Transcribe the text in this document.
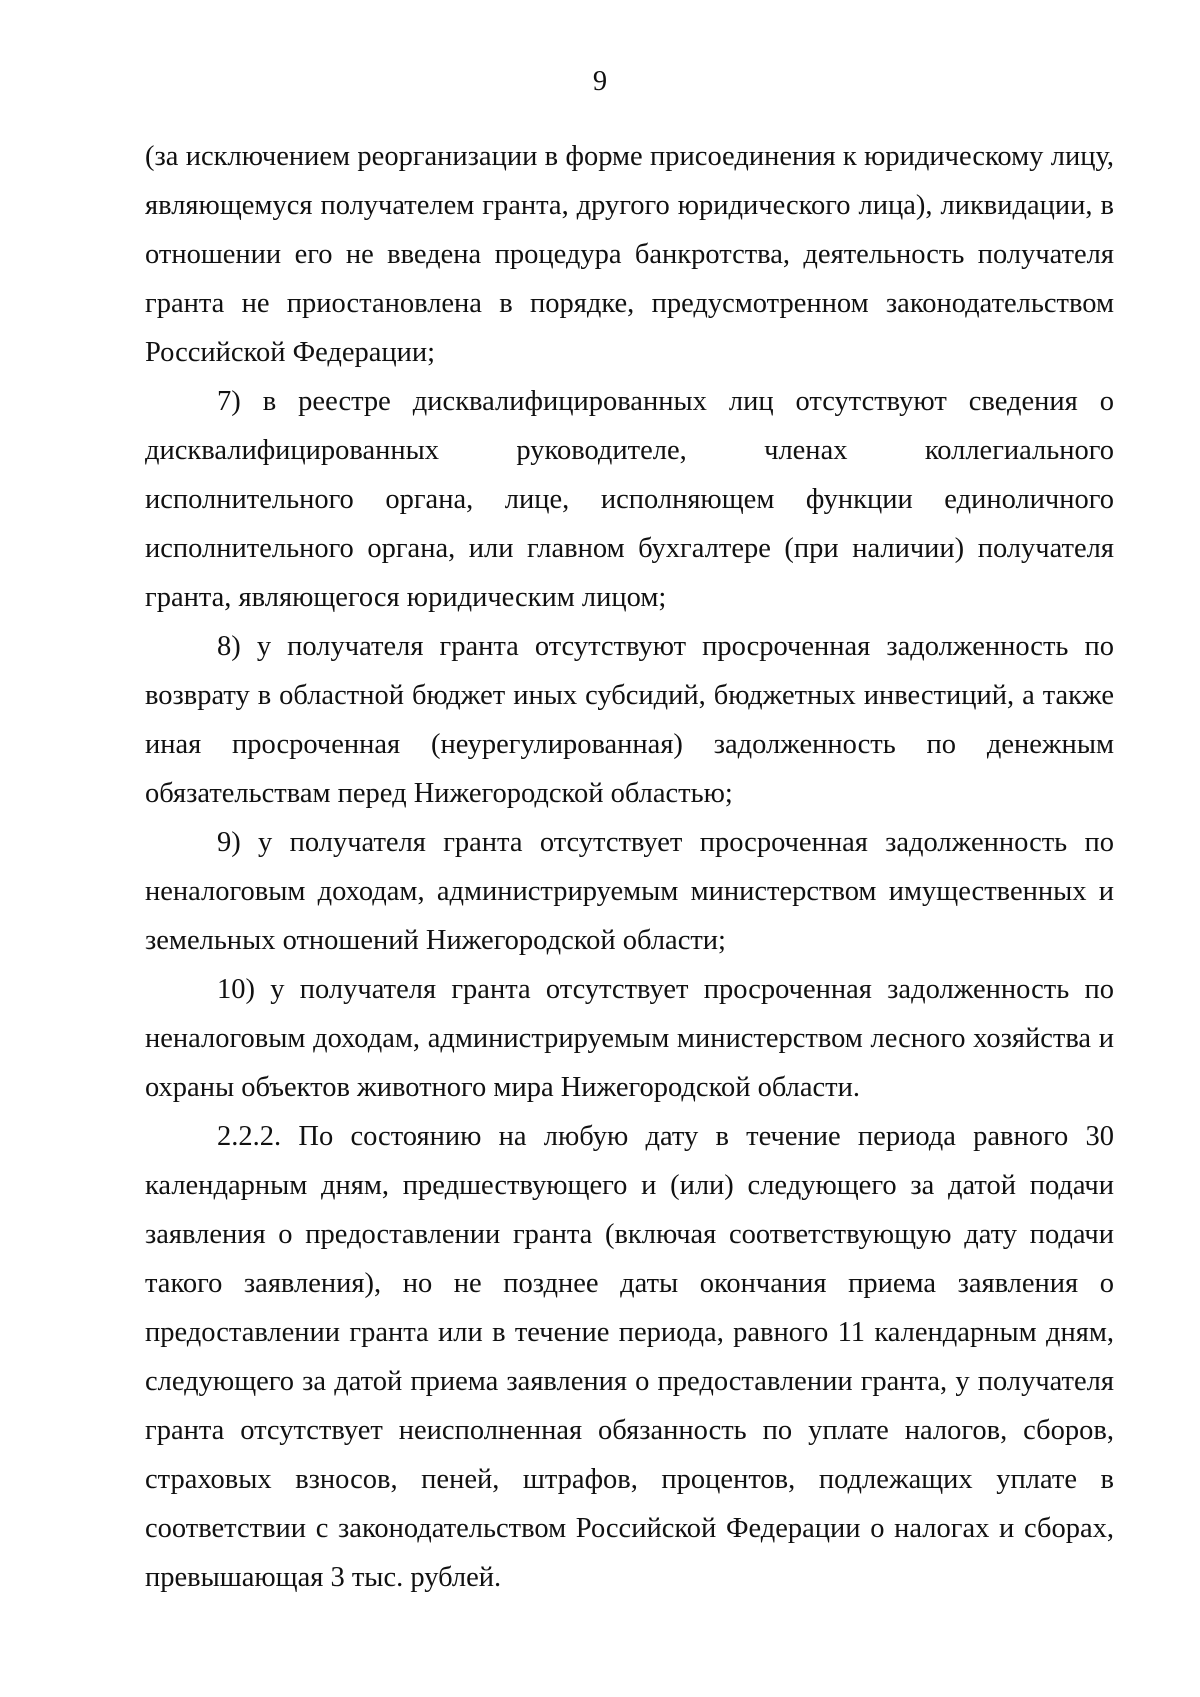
9

(за исключением реорганизации в форме присоединения к юридическому лицу, являющемуся получателем гранта, другого юридического лица), ликвидации, в отношении его не введена процедура банкротства, деятельность получателя гранта не приостановлена в порядке, предусмотренном законодательством Российской Федерации;

7) в реестре дисквалифицированных лиц отсутствуют сведения о дисквалифицированных руководителе, членах коллегиального исполнительного органа, лице, исполняющем функции единоличного исполнительного органа, или главном бухгалтере (при наличии) получателя гранта, являющегося юридическим лицом;

8) у получателя гранта отсутствуют просроченная задолженность по возврату в областной бюджет иных субсидий, бюджетных инвестиций, а также иная просроченная (неурегулированная) задолженность по денежным обязательствам перед Нижегородской областью;

9) у получателя гранта отсутствует просроченная задолженность по неналоговым доходам, администрируемым министерством имущественных и земельных отношений Нижегородской области;

10) у получателя гранта отсутствует просроченная задолженность по неналоговым доходам, администрируемым министерством лесного хозяйства и охраны объектов животного мира Нижегородской области.

2.2.2. По состоянию на любую дату в течение периода равного 30 календарным дням, предшествующего и (или) следующего за датой подачи заявления о предоставлении гранта (включая соответствующую дату подачи такого заявления), но не позднее даты окончания приема заявления о предоставлении гранта или в течение периода, равного 11 календарным дням, следующего за датой приема заявления о предоставлении гранта, у получателя гранта отсутствует неисполненная обязанность по уплате налогов, сборов, страховых взносов, пеней, штрафов, процентов, подлежащих уплате в соответствии с законодательством Российской Федерации о налогах и сборах, превышающая 3 тыс. рублей.
